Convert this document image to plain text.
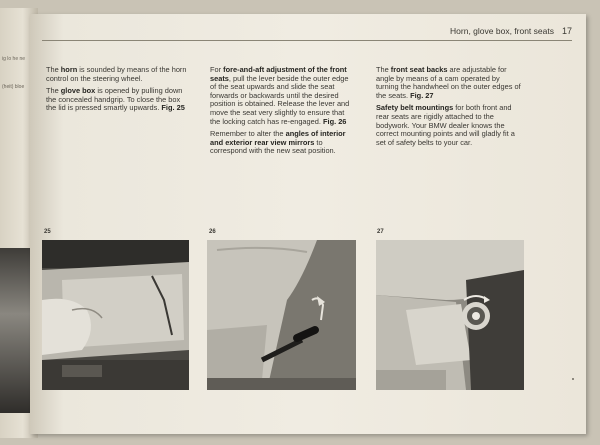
ig lo he ne
(heit) bloe
Horn, glove box, front seats 17

The horn is sounded by means of the horn control on the steering wheel.

The glove box is opened by pulling down the concealed handgrip. To close the box the lid is pressed smartly upwards. Fig. 25

For fore-and-aft adjustment of the front seats, pull the lever beside the outer edge of the seat upwards and slide the seat forwards or backwards until the desired position is obtained. Release the lever and move the seat very slightly to ensure that the locking catch has re-engaged. Fig. 26

Remember to alter the angles of interior and exterior rear view mirrors to correspond with the new seat position.

The front seat backs are adjustable for angle by means of a cam operated by turning the handwheel on the outer edges of the seats. Fig. 27

Safety belt mountings for both front and rear seats are rigidly attached to the bodywork. Your BMW dealer knows the correct mounting points and will gladly fit a set of safety belts to your car.

25	26	27
